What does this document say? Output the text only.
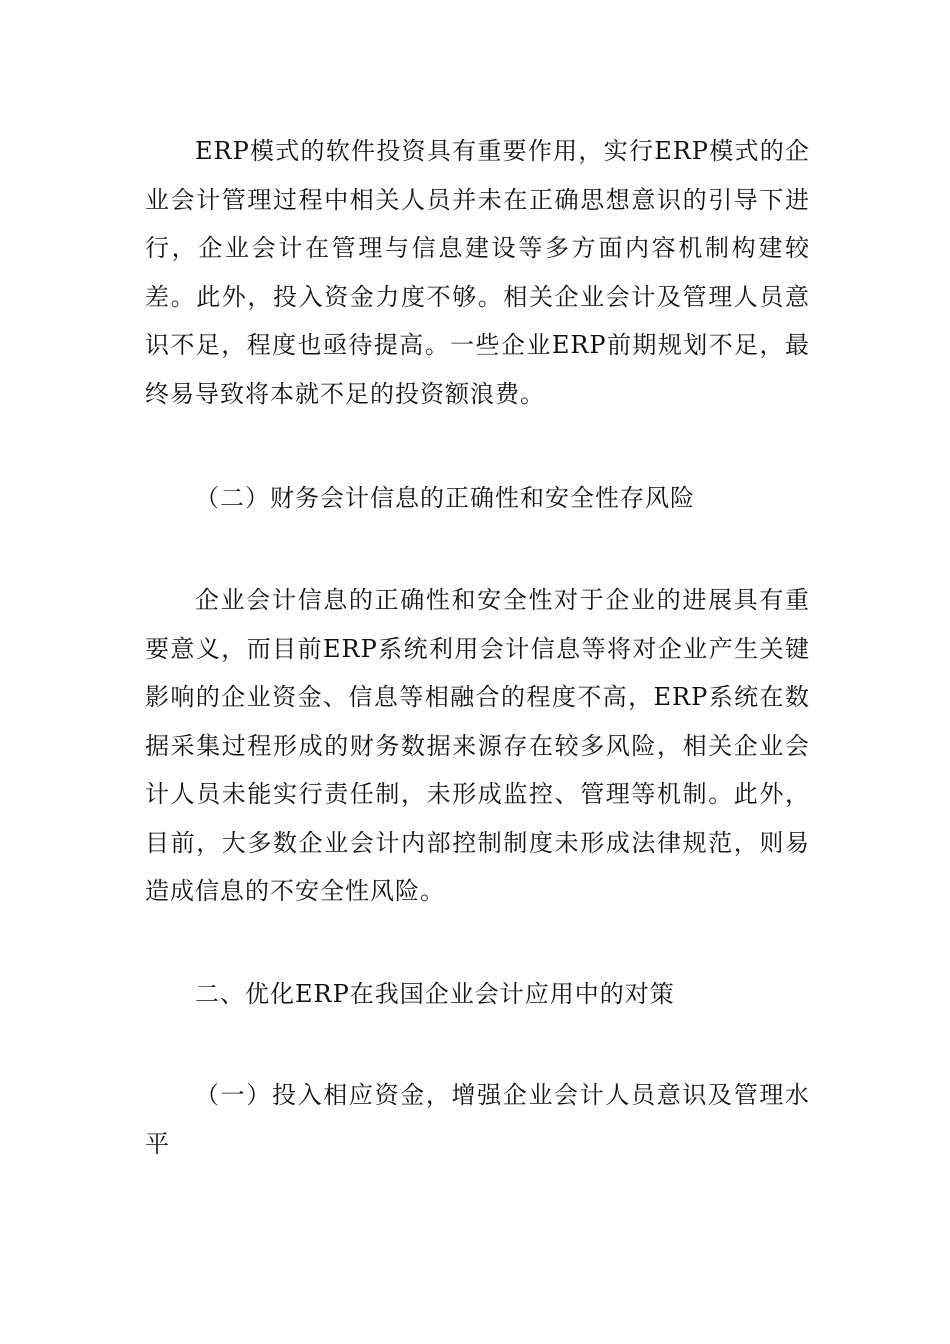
ERP模式的软件投资具有重要作用，实行ERP模式的企业会计管理过程中相关人员并未在正确思想意识的引导下进行，企业会计在管理与信息建设等多方面内容机制构建较差。此外，投入资金力度不够。相关企业会计及管理人员意识不足，程度也亟待提高。一些企业ERP前期规划不足，最终易导致将本就不足的投资额浪费。

（二）财务会计信息的正确性和安全性存风险

企业会计信息的正确性和安全性对于企业的进展具有重要意义，而目前ERP系统利用会计信息等将对企业产生关键影响的企业资金、信息等相融合的程度不高，ERP系统在数据采集过程形成的财务数据来源存在较多风险，相关企业会计人员未能实行责任制，未形成监控、管理等机制。此外，目前，大多数企业会计内部控制制度未形成法律规范，则易造成信息的不安全性风险。

二、优化ERP在我国企业会计应用中的对策

（一）投入相应资金，增强企业会计人员意识及管理水平
